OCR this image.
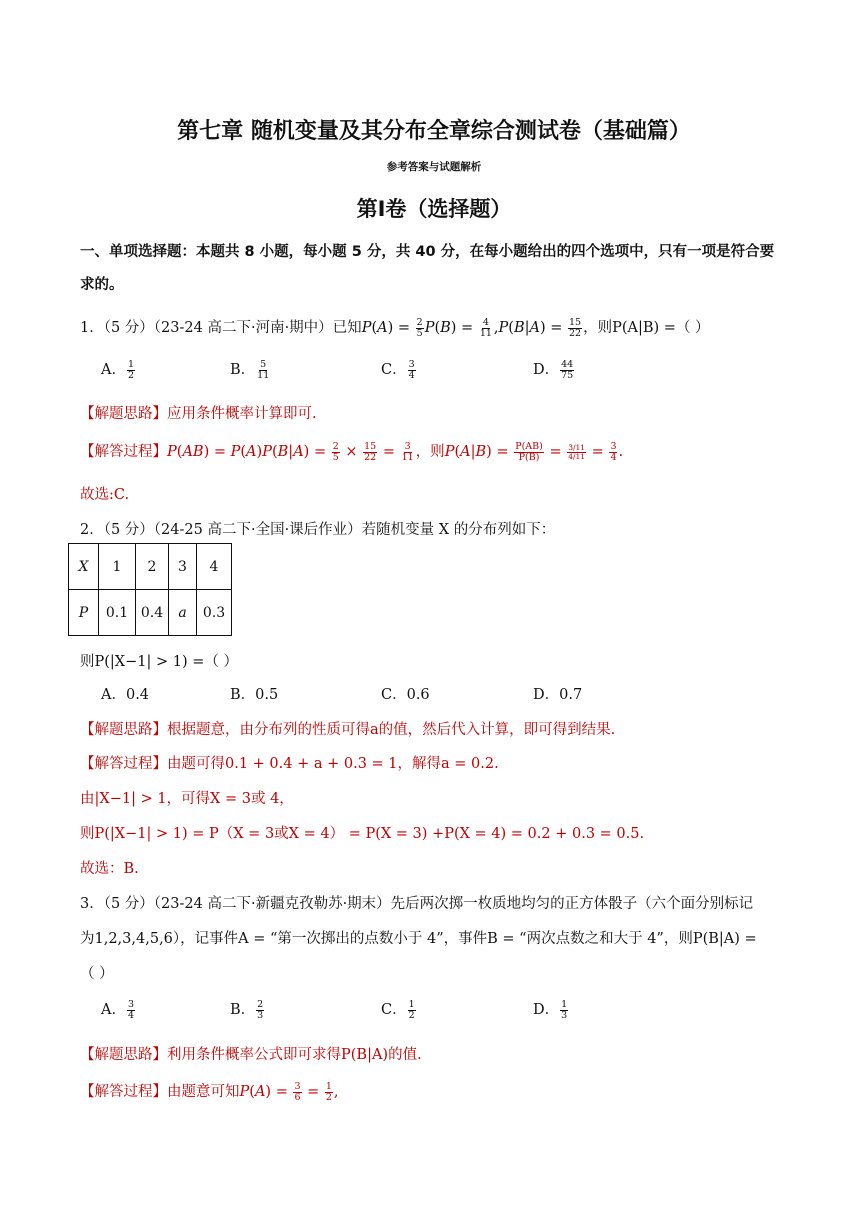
第七章 随机变量及其分布全章综合测试卷（基础篇）
参考答案与试题解析
第I卷（选择题）
一、单项选择题：本题共 8 小题，每小题 5 分，共 40 分，在每小题给出的四个选项中，只有一项是符合要
求的。
1．（5 分）（23-24 高二下·河南·期中）已知$P(A) = \frac{2}{5} P(B) = \frac{4}{11} ,P(B|A) = \frac{15}{22}$ ，则P(A|B) =（ ）
A． $\frac{1}{2}$	B． $\frac{5}{11}$	C． $\frac{3}{4}$	D． $\frac{44}{75}$
【解题思路】应用条件概率计算即可.
【解答过程】$P(AB) = P(A)P(B|A) = \frac{2}{5} \times \frac{15}{22} = \frac{3}{11}$ ，则$P(A|B) = \frac{P(AB)}{P(B)} = \frac{3/11}{4/11} = \frac{3}{4}$ .
故选:C.
2．（5 分）（24-25 高二下·全国·课后作业）若随机变量 X 的分布列如下：
X	1	2	3	4
P	0.1	0.4	a	0.3
则P(|X−1| > 1) =（ ）
A．0.4	B．0.5	C．0.6	D．0.7
【解题思路】根据题意，由分布列的性质可得a的值，然后代入计算，即可得到结果.
【解答过程】由题可得0.1 + 0.4 + a + 0.3 = 1，解得a = 0.2.
由|X−1| > 1，可得X = 3或 4，
则P(|X−1| > 1) = P（X = 3或X = 4） = P(X = 3) +P(X = 4) = 0.2 + 0.3 = 0.5.
故选：B.
3．（5 分）（23-24 高二下·新疆克孜勒苏·期末）先后两次掷一枚质地均匀的正方体骰子（六个面分别标记
为1,2,3,4,5,6），记事件A = “第一次掷出的点数小于 4”，事件B = “两次点数之和大于 4”，则P(B|A) =
（ ）
A． $\frac{3}{4}$	B． $\frac{2}{3}$	C． $\frac{1}{2}$	D． $\frac{1}{3}$
【解题思路】利用条件概率公式即可求得P(B|A)的值.
【解答过程】由题意可知$P(A) = \frac{3}{6} = \frac{1}{2}$ ,
